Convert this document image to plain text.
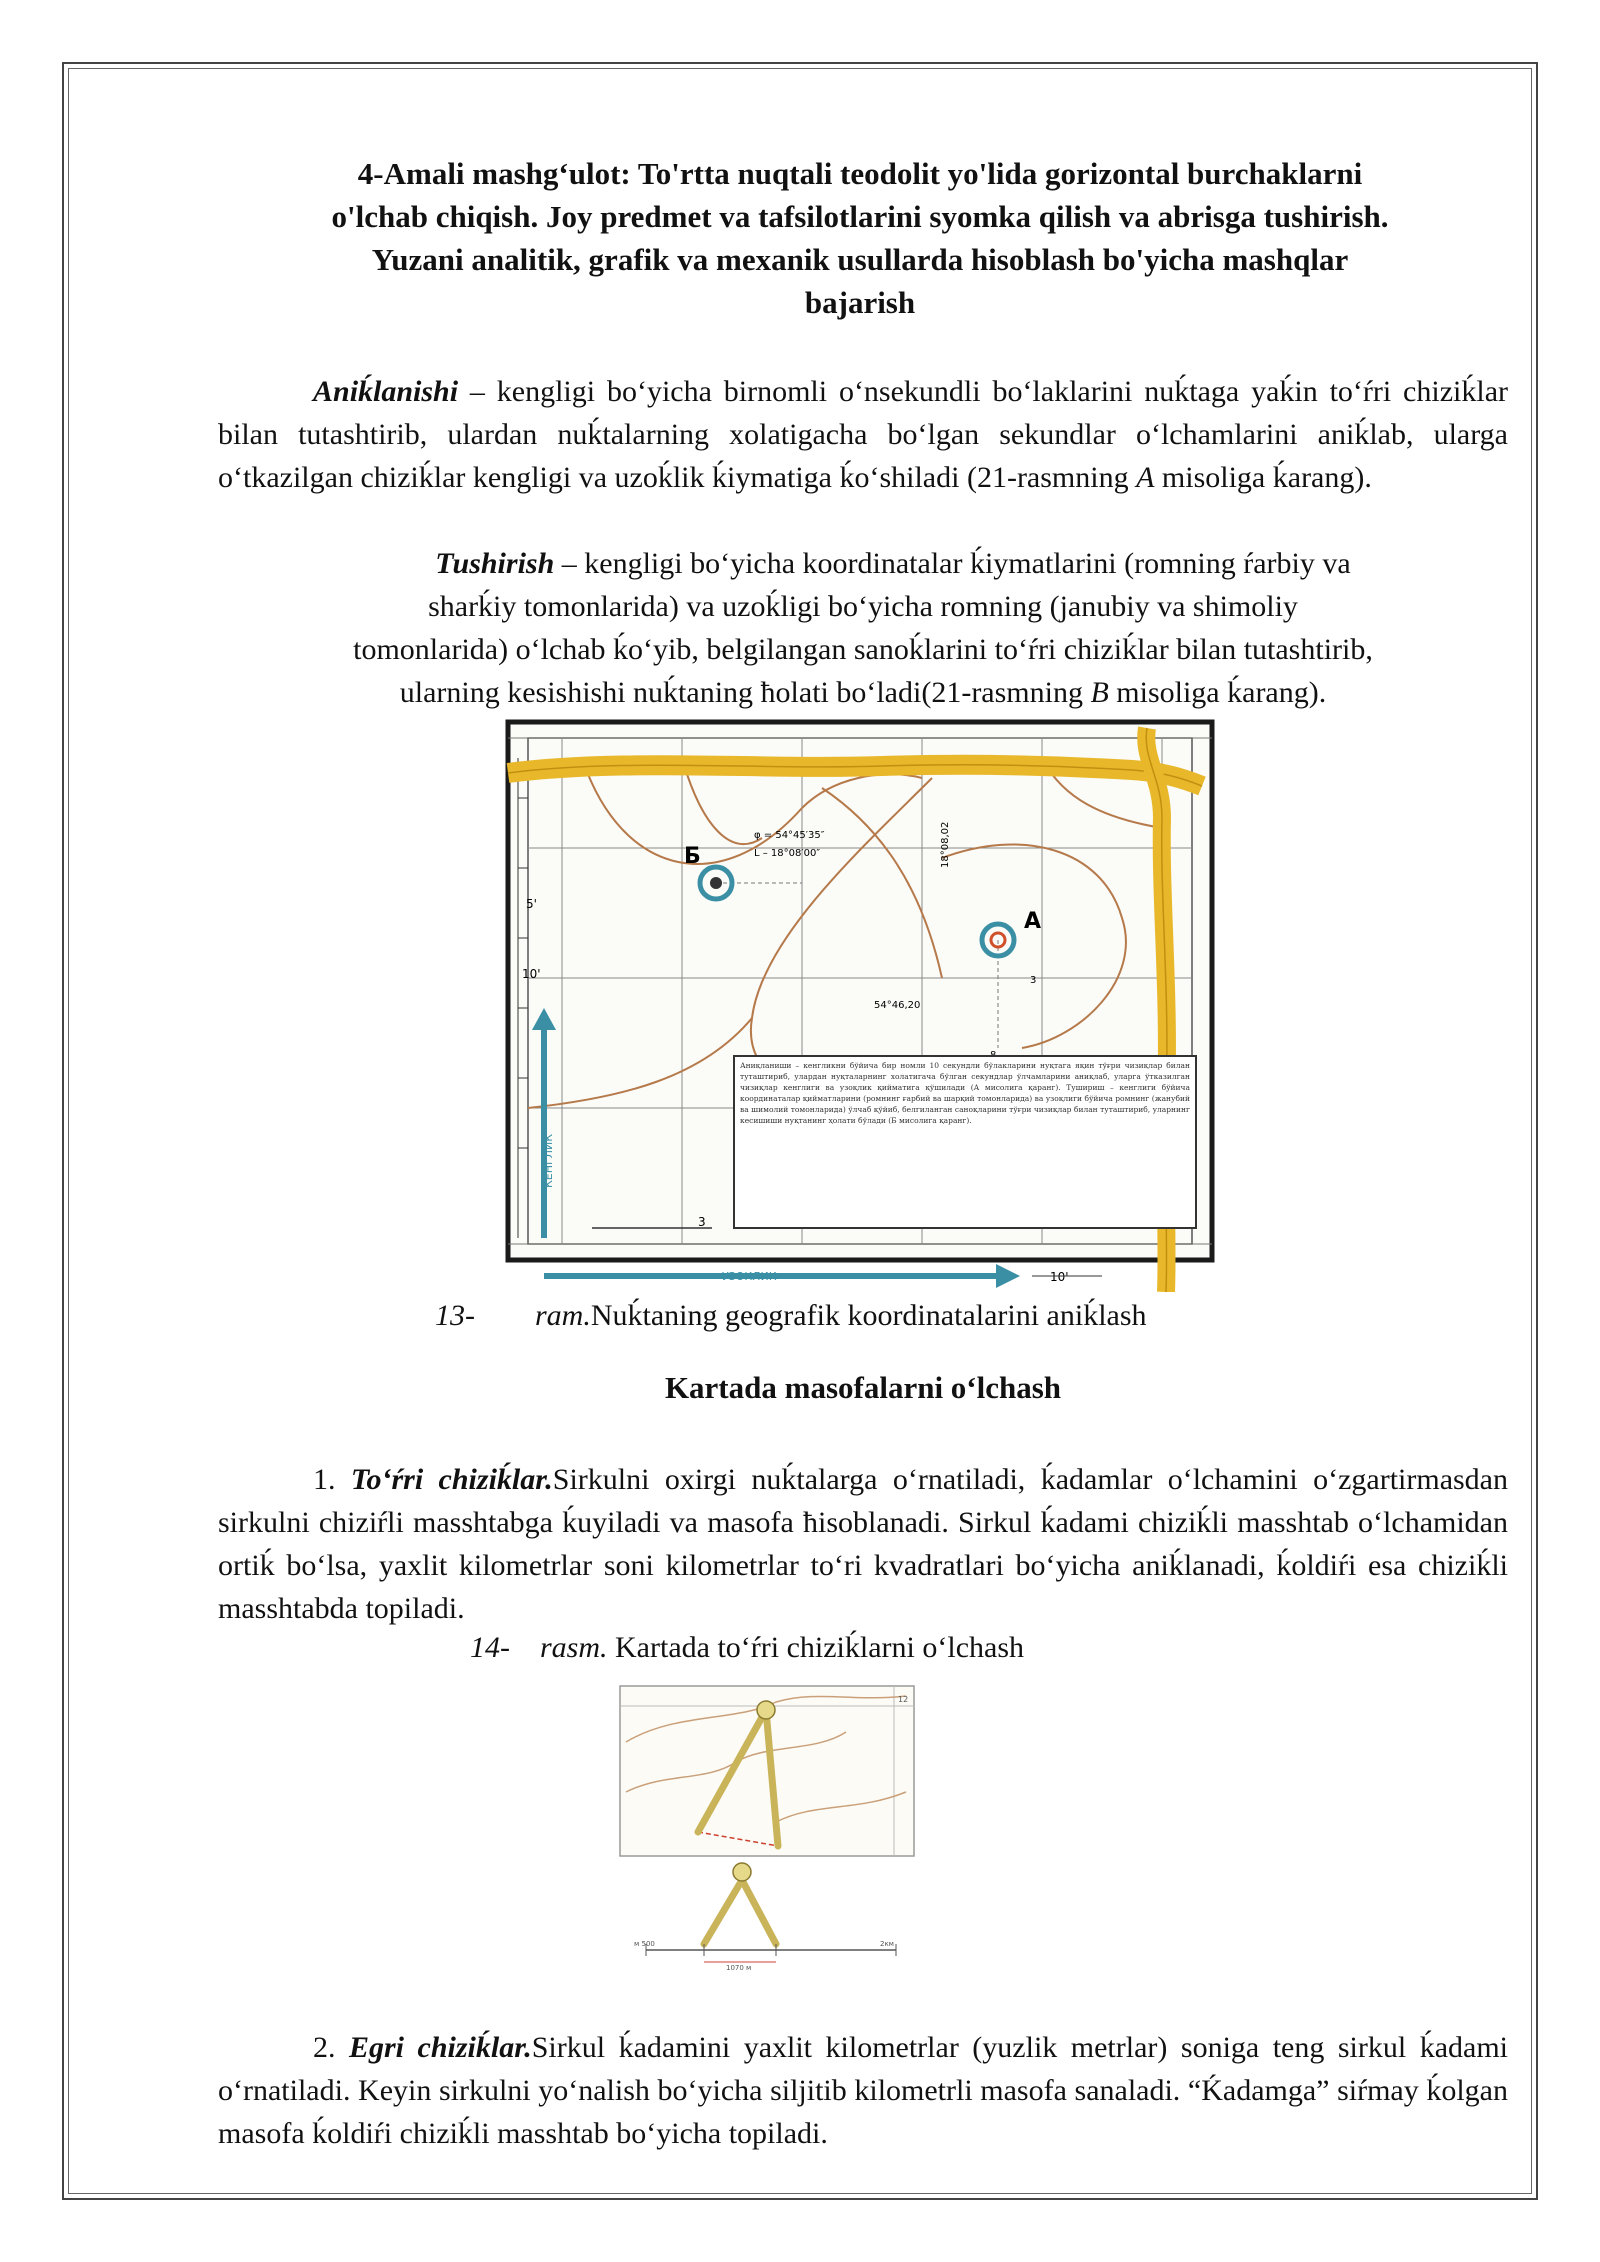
4-Amali mashg‘ulot: To'rtta nuqtali teodolit yo'lida gorizontal burchaklarni
o'lchab chiqish. Joy predmet va tafsilotlarini syomka qilish va abrisga tushirish.
Yuzani analitik, grafik va mexanik usullarda hisoblash bo'yicha mashqlar
bajarish

Aniḱlanishi – kengligi bo‘yicha birnomli o‘nsekundli bo‘laklarini nuḱtaga yaḱin to‘ŕri chiziḱlar bilan tutashtirib, ulardan nuḱtalarning xolatigacha bo‘lgan sekundlar o‘lchamlarini aniḱlab, ularga o‘tkazilgan chiziḱlar kengligi va uzoḱlik ḱiymatiga ḱo‘shiladi (21-rasmning A misoliga ḱarang).

Tushirish – kengligi bo‘yicha koordinatalar ḱiymatlarini (romning ŕarbiy va
sharḱiy tomonlarida) va uzoḱligi bo‘yicha romning (janubiy va shimoliy
tomonlarida) o‘lchab ḱo‘yib, belgilangan sanoḱlarini to‘ŕri chiziḱlar bilan tutashtirib,
ularning kesishishi nuḱtaning ħolati bo‘ladi(21-rasmning B misoliga ḱarang).
Б
А
φ = 54°45′35″
L – 18°08′00″
54°46,20
18°08,02
5'
10'	3
Аниқланиши – кенгликни бўйича бир номли 10 секундли бўлакларини нуқтага яқин тўғри чизиқлар билан туташтириб, улардан нуқталарнинг холатигача бўлган секундлар ўлчамларини аниқлаб, уларга ўтказилган чизиқлар кенглиги ва узоқлик қийматига қўшилади (А мисолига қаранг). Тушириш – кенглиги бўйича координаталар қийматларини (ромнинг ғарбий ва шарқий томонларида) ва узоқлиги бўйича ромнинг (жанубий ва шимолий томонларида) ўлчаб қўйиб, белгиланган саноқларини тўғри чизиқлар билан туташтириб, уларнинг кесишиши нуқтанинг ҳолати бўлади (Б мисолига қаранг).
КЕНГЛИК
УЗОКЛИК
3
10'
13- ram.Nuḱtaning geografik koordinatalarini aniḱlash
Kartada masofalarni o‘lchash

1. To‘ŕri chiziḱlar.Sirkulni oxirgi nuḱtalarga o‘rnatiladi, ḱadamlar o‘lchamini o‘zgartirmasdan sirkulni chiziŕli masshtabga ḱuyiladi va masofa ħisoblanadi. Sirkul ḱadami chiziḱli masshtab o‘lchamidan ortiḱ bo‘lsa, yaxlit kilometrlar soni kilometrlar to‘ri kvadratlari bo‘yicha aniḱlanadi, ḱoldiŕi esa chiziḱli masshtabda topiladi.

14- rasm. Kartada to‘ŕri chiziḱlarni o‘lchash
12
м 500	2км
1070 м

2. Egri chiziḱlar.Sirkul ḱadamini yaxlit kilometrlar (yuzlik metrlar) soniga teng sirkul ḱadami o‘rnatiladi. Keyin sirkulni yo‘nalish bo‘yicha siljitib kilometrli masofa sanaladi. “Ḱadamga” siŕmay ḱolgan masofa ḱoldiŕi chiziḱli masshtab bo‘yicha topiladi.
